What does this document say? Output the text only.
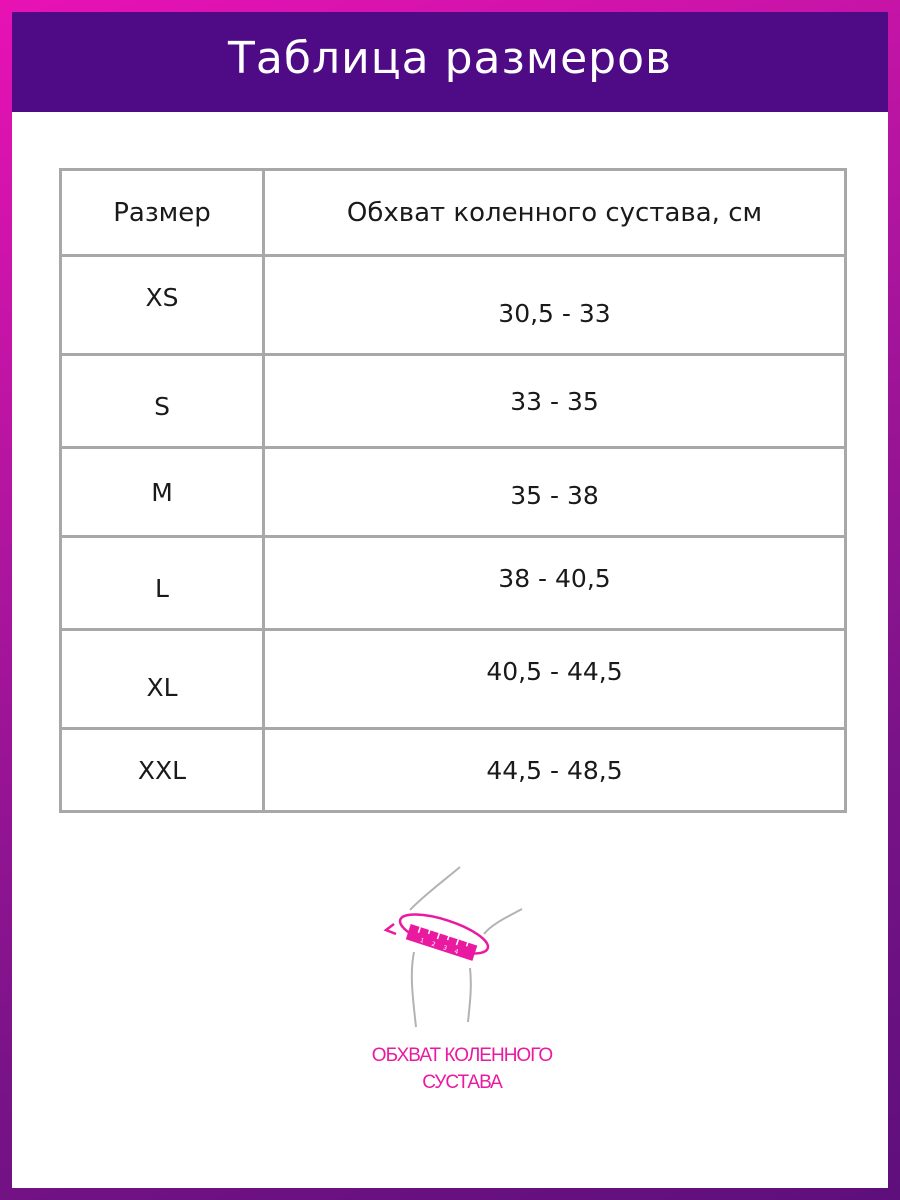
Таблица размеров
Размер	Обхват коленного сустава, см
XS	30,5 - 33
S	33 - 35
M	35 - 38
L	38 - 40,5
XL	40,5 - 44,5
XXL	44,5 - 48,5
1 2 3 4
ОБХВАТ КОЛЕННОГО
СУСТАВА
